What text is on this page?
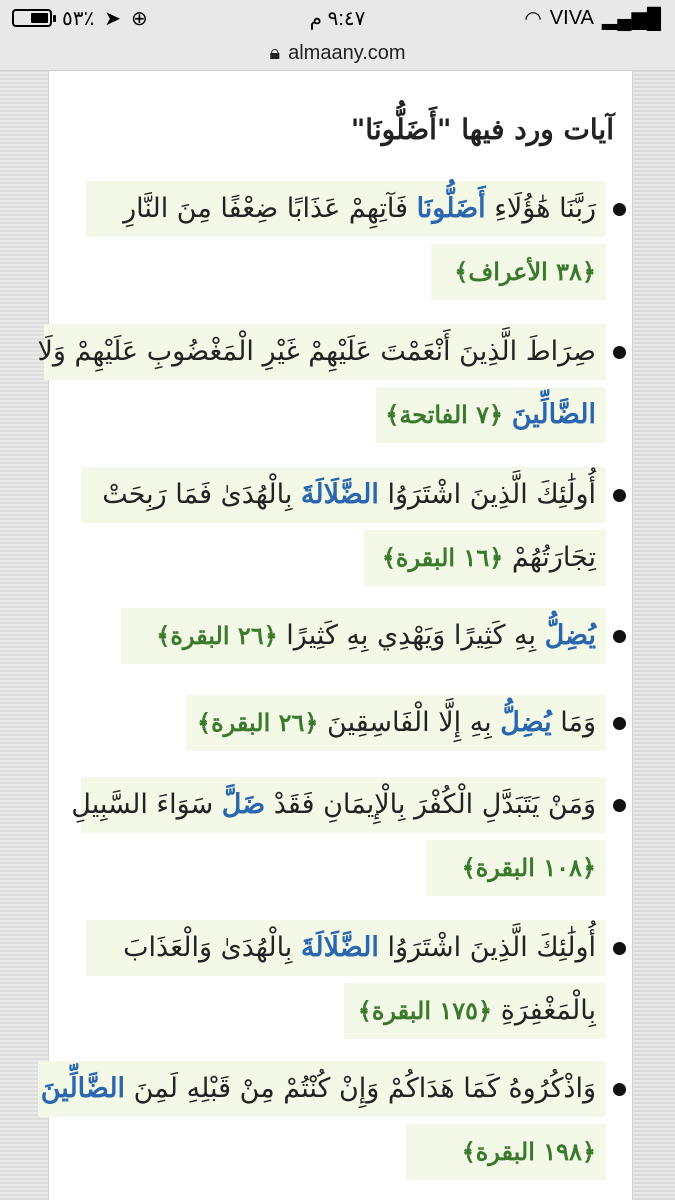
٥٣٪ ➤ ⊕	٩:٤٧ م	◠ VIVA ▂▄▆█
🔒︎ almaany.com
آيات ورد فيها "أَضَلُّونَا"
رَبَّنَا هَٰؤُلَاءِ أَضَلُّونَا فَآتِهِمْ عَذَابًا ضِعْفًا مِنَ النَّارِ
﴿٣٨ الأعراف﴾
صِرَاطَ الَّذِينَ أَنْعَمْتَ عَلَيْهِمْ غَيْرِ الْمَغْضُوبِ عَلَيْهِمْ وَلَا
الضَّالِّينَ ﴿٧ الفاتحة﴾
أُولَٰئِكَ الَّذِينَ اشْتَرَوُا الضَّلَالَةَ بِالْهُدَىٰ فَمَا رَبِحَتْ
تِجَارَتُهُمْ ﴿١٦ البقرة﴾
يُضِلُّ بِهِ كَثِيرًا وَيَهْدِي بِهِ كَثِيرًا ﴿٢٦ البقرة﴾
وَمَا يُضِلُّ بِهِ إِلَّا الْفَاسِقِينَ ﴿٢٦ البقرة﴾
وَمَنْ يَتَبَدَّلِ الْكُفْرَ بِالْإِيمَانِ فَقَدْ ضَلَّ سَوَاءَ السَّبِيلِ
﴿١٠٨ البقرة﴾
أُولَٰئِكَ الَّذِينَ اشْتَرَوُا الضَّلَالَةَ بِالْهُدَىٰ وَالْعَذَابَ
بِالْمَغْفِرَةِ ﴿١٧٥ البقرة﴾
وَاذْكُرُوهُ كَمَا هَدَاكُمْ وَإِنْ كُنْتُمْ مِنْ قَبْلِهِ لَمِنَ الضَّالِّينَ
﴿١٩٨ البقرة﴾
